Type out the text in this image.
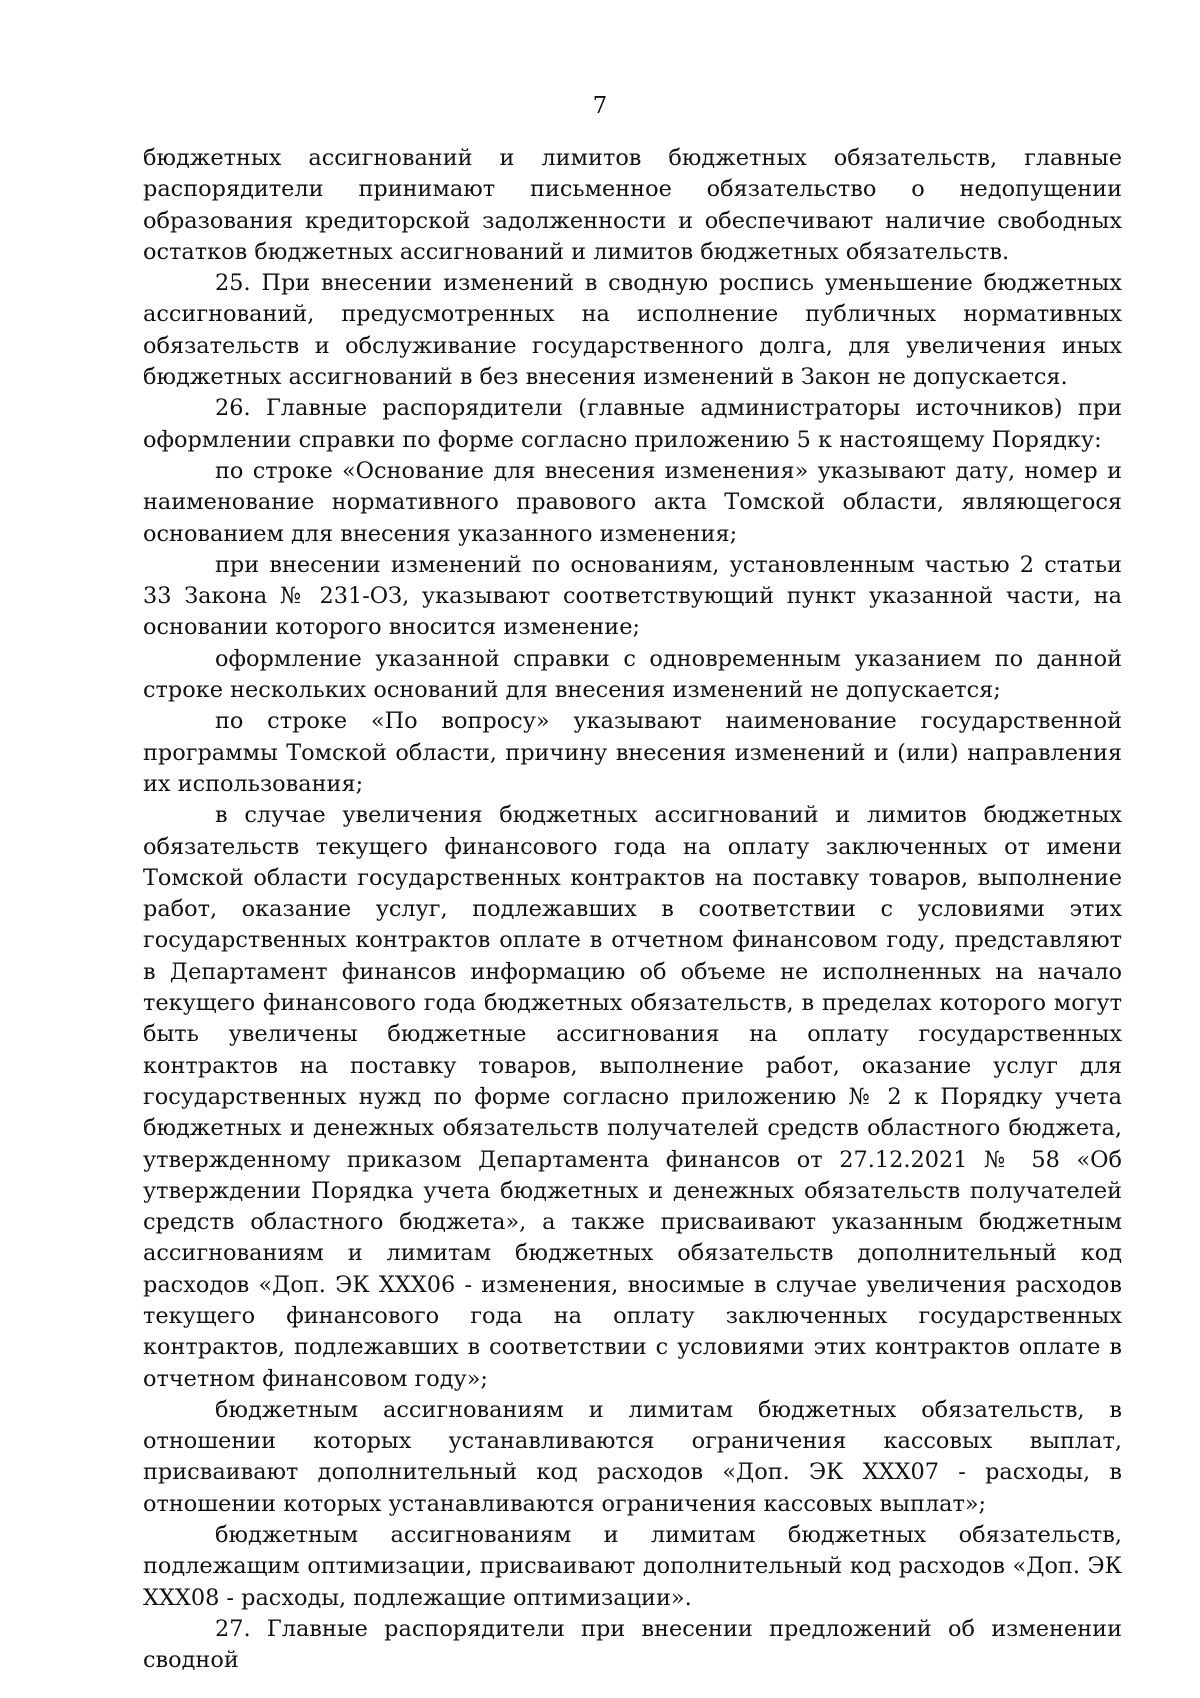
7

бюджетных ассигнований и лимитов бюджетных обязательств, главные распорядители принимают письменное обязательство о недопущении образования кредиторской задолженности и обеспечивают наличие свободных остатков бюджетных ассигнований и лимитов бюджетных обязательств.

25. При внесении изменений в сводную роспись уменьшение бюджетных ассигнований, предусмотренных на исполнение публичных нормативных обязательств и обслуживание государственного долга, для увеличения иных бюджетных ассигнований в без внесения изменений в Закон не допускается.

26. Главные распорядители (главные администраторы источников) при оформлении справки по форме согласно приложению 5 к настоящему Порядку:

по строке «Основание для внесения изменения» указывают дату, номер и наименование нормативного правового акта Томской области, являющегося основанием для внесения указанного изменения;

при внесении изменений по основаниям, установленным частью 2 статьи 33 Закона № 231-ОЗ, указывают соответствующий пункт указанной части, на основании которого вносится изменение;

оформление указанной справки с одновременным указанием по данной строке нескольких оснований для внесения изменений не допускается;

по строке «По вопросу» указывают наименование государственной программы Томской области, причину внесения изменений и (или) направления их использования;

в случае увеличения бюджетных ассигнований и лимитов бюджетных обязательств текущего финансового года на оплату заключенных от имени Томской области государственных контрактов на поставку товаров, выполнение работ, оказание услуг, подлежавших в соответствии с условиями этих государственных контрактов оплате в отчетном финансовом году, представляют в Департамент финансов информацию об объеме не исполненных на начало текущего финансового года бюджетных обязательств, в пределах которого могут быть увеличены бюджетные ассигнования на оплату государственных контрактов на поставку товаров, выполнение работ, оказание услуг для государственных нужд по форме согласно приложению № 2 к Порядку учета бюджетных и денежных обязательств получателей средств областного бюджета, утвержденному приказом Департамента финансов от 27.12.2021 № 58 «Об утверждении Порядка учета бюджетных и денежных обязательств получателей средств областного бюджета», а также присваивают указанным бюджетным ассигнованиям и лимитам бюджетных обязательств дополнительный код расходов «Доп. ЭК XXX06 - изменения, вносимые в случае увеличения расходов текущего финансового года на оплату заключенных государственных контрактов, подлежавших в соответствии с условиями этих контрактов оплате в отчетном финансовом году»;

бюджетным ассигнованиям и лимитам бюджетных обязательств, в отношении которых устанавливаются ограничения кассовых выплат, присваивают дополнительный код расходов «Доп. ЭК XXX07 - расходы, в отношении которых устанавливаются ограничения кассовых выплат»;

бюджетным ассигнованиям и лимитам бюджетных обязательств, подлежащим оптимизации, присваивают дополнительный код расходов «Доп. ЭК XXX08 - расходы, подлежащие оптимизации».

27. Главные распорядители при внесении предложений об изменении сводной
